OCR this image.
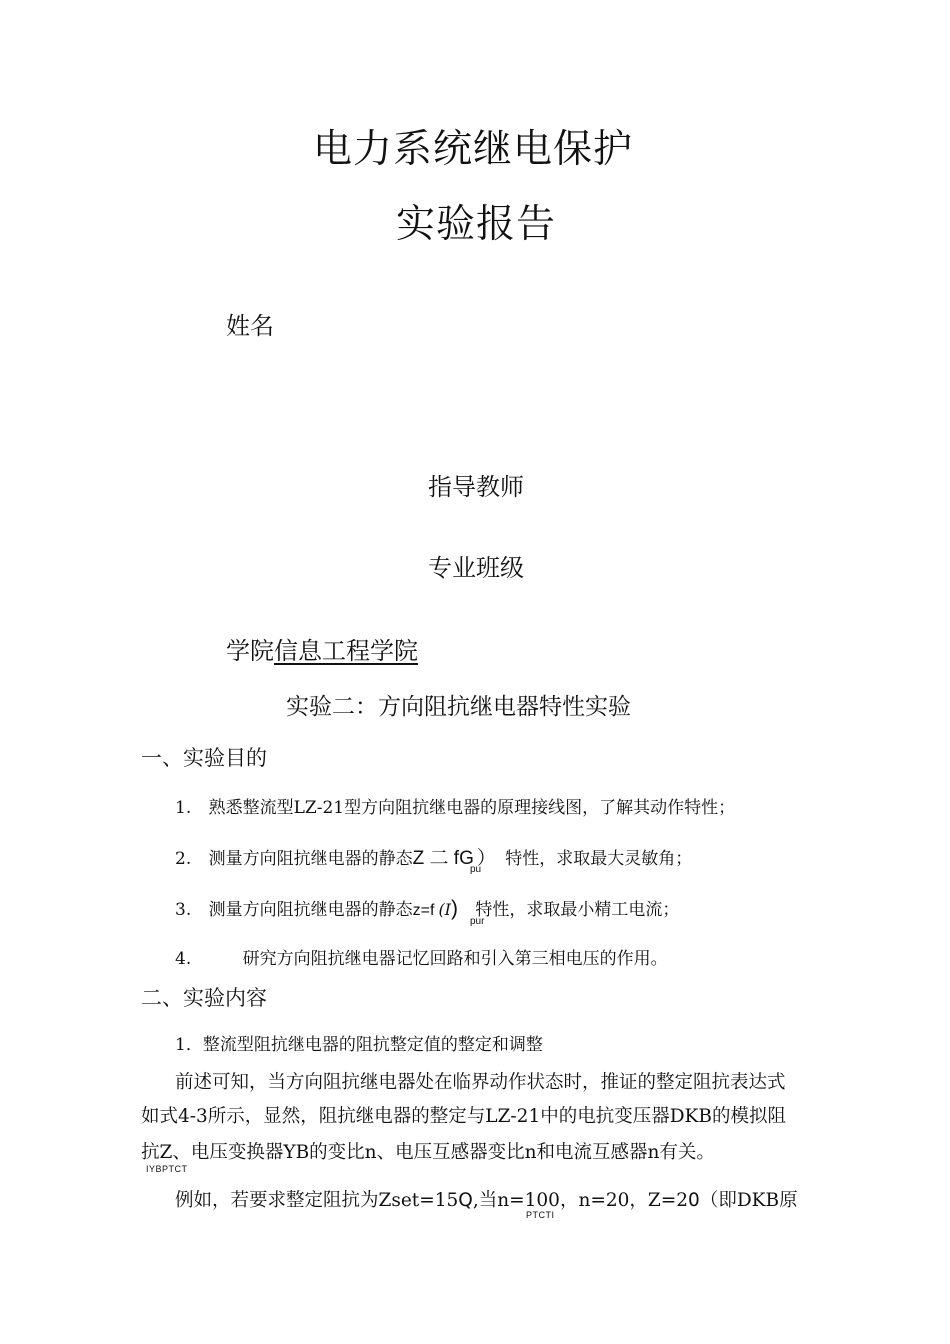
电力系统继电保护
实验报告
姓名
指导教师
专业班级
学院信息工程学院
实验二：方向阻抗继电器特性实验
一、实验目的
1. 熟悉整流型LZ-21型方向阻抗继电器的原理接线图，了解其动作特性；
2. 测量方向阻抗继电器的静态Z 二 fG ） 特性，求取最大灵敏角；
pu
3. 测量方向阻抗继电器的静态z=f (I) 特性，求取最小精工电流；
pur
4.	研究方向阻抗继电器记忆回路和引入第三相电压的作用。
二、实验内容
1．整流型阻抗继电器的阻抗整定值的整定和调整
前述可知，当方向阻抗继电器处在临界动作状态时，推证的整定阻抗表达式
如式4-3所示，显然，阻抗继电器的整定与LZ-21中的电抗变压器DKB的模拟阻
抗Z、电压变换器YB的变比n、电压互感器变比n和电流互感器n有关。
IYBPTCT
例如，若要求整定阻抗为Zset=15Q,当n=100，n=20，Z=20（即DKB原
PTCTI
